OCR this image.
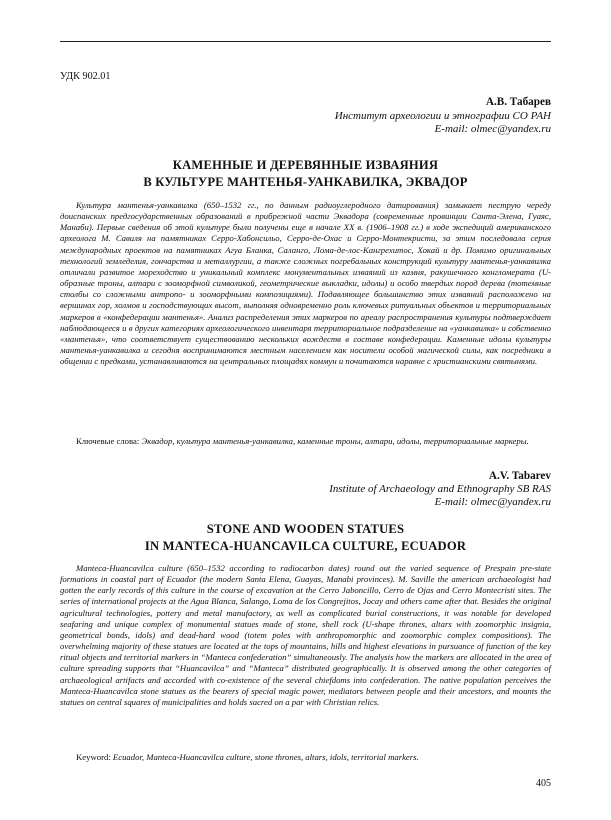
УДК 902.01
А.В. Табарев
Институт археологии и этнографии СО РАН
E-mail: olmec@yandex.ru
КАМЕННЫЕ И ДЕРЕВЯННЫЕ ИЗВАЯНИЯ
В КУЛЬТУРЕ МАНТЕНЬЯ-УАНКАВИЛКА, ЭКВАДОР

Культура мантенья-уанкавилка (650–1532 гг., по данным радиоуглеродного датирования) замыкает пеструю череду доиспанских предгосударственных образований в прибрежной части Эквадора (современные провинции Санта-Элена, Гуаяс, Манаби). Первые сведения об этой культуре были получены еще в начале XX в. (1906–1908 гг.) в ходе экспедиций американского археолога М. Савиля на памятниках Серро-Хабонсильо, Серро-де-Охас и Серро-Монтекристи, за этим последовала серия международных проектов на памятниках Агуа Бланка, Саланго, Лома-де-лос-Кангрехитос, Хокай и др. Помимо оригинальных технологий земледелия, гончарства и металлургии, а также сложных погребальных конструкций культуру мантенья-уанкавилка отличали развитое мореходство и уникальный комплекс монументальных изваяний из камня, ракушечного конгломерата (U-образные троны, алтари с зооморфной символикой, геометрические выкладки, идолы) и особо твердых пород дерева (тотемные столбы со сложными антропо- и зооморфными композициями). Подавляющее большинство этих изваяний расположено на вершинах гор, холмов и господствующих высот, выполняя одновременно роль ключевых ритуальных объектов и территориальных маркеров в «конфедерации мантенья». Анализ распределения этих маркеров по ареалу распространения культуры подтверждает наблюдающееся и в других категориях археологического инвентаря территориальное подразделение на «уанкавилка» и собственно «мантенья», что соответствует существованию нескольких вождеств в составе конфедерации. Каменные идолы культуры мантенья-уанкавилка и сегодня воспринимаются местным населением как носители особой магической силы, как посредники в общении с предками, устанавливаются на центральных площадях коммун и почитаются наравне с христианскими святынями.

Ключевые слова: Эквадор, культура мантенья-уанкавилка, каменные троны, алтари, идолы, территориальные маркеры.

A.V. Tabarev
Institute of Archaeology and Ethnography SB RAS
E-mail: olmec@yandex.ru
STONE AND WOODEN STATUES
IN MANTECA-HUANCAVILCA CULTURE, ECUADOR

Manteca-Huancavilca culture (650–1532 according to radiocarbon dates) round out the varied sequence of Prespain pre-state formations in coastal part of Ecuador (the modern Santa Elena, Guayas, Manabi provinces). M. Saville the american archaeologist had gotten the early records of this culture in the course of excavation at the Cerro Jaboncillo, Cerro de Ojas and Cerro Montecristi sites. The series of international projects at the Agua Blanca, Salango, Loma de los Congrejitos, Jocay and others came after that. Besides the original agricultural technologies, pottery and metal manufactory, as well as complicated burial constructions, it was notable for developed seafaring and unique complex of monumental statues made of stone, shell rock (U-shape thrones, altars with zoomorphic insignia, geometrical bonds, idols) and dead-hard wood (totem poles with anthropomorphic and zoomorphic complex compositions). The overwhelming majority of these statues are located at the tops of mountains, hills and highest elevations in pursuance of function of the key ritual objects and territorial markers in “Manteca confederation” simultaneously. The analysis how the markers are allocated in the area of culture spreading supports that “Huancavilca” and “Manteca” distributed geographically. It is observed among the other categories of archaeological artifacts and accorded with co-existence of the several chiefdoms into confederation. The native population perceives the Manteca-Huancavilca stone statues as the bearers of special magic power, mediators between people and their ancestors, and mounts the statues on central squares of municipalities and holds sacred on a par with Christian relics.

Keyword: Ecuador, Manteca-Huancavilca culture, stone thrones, altars, idols, territorial markers.

405
